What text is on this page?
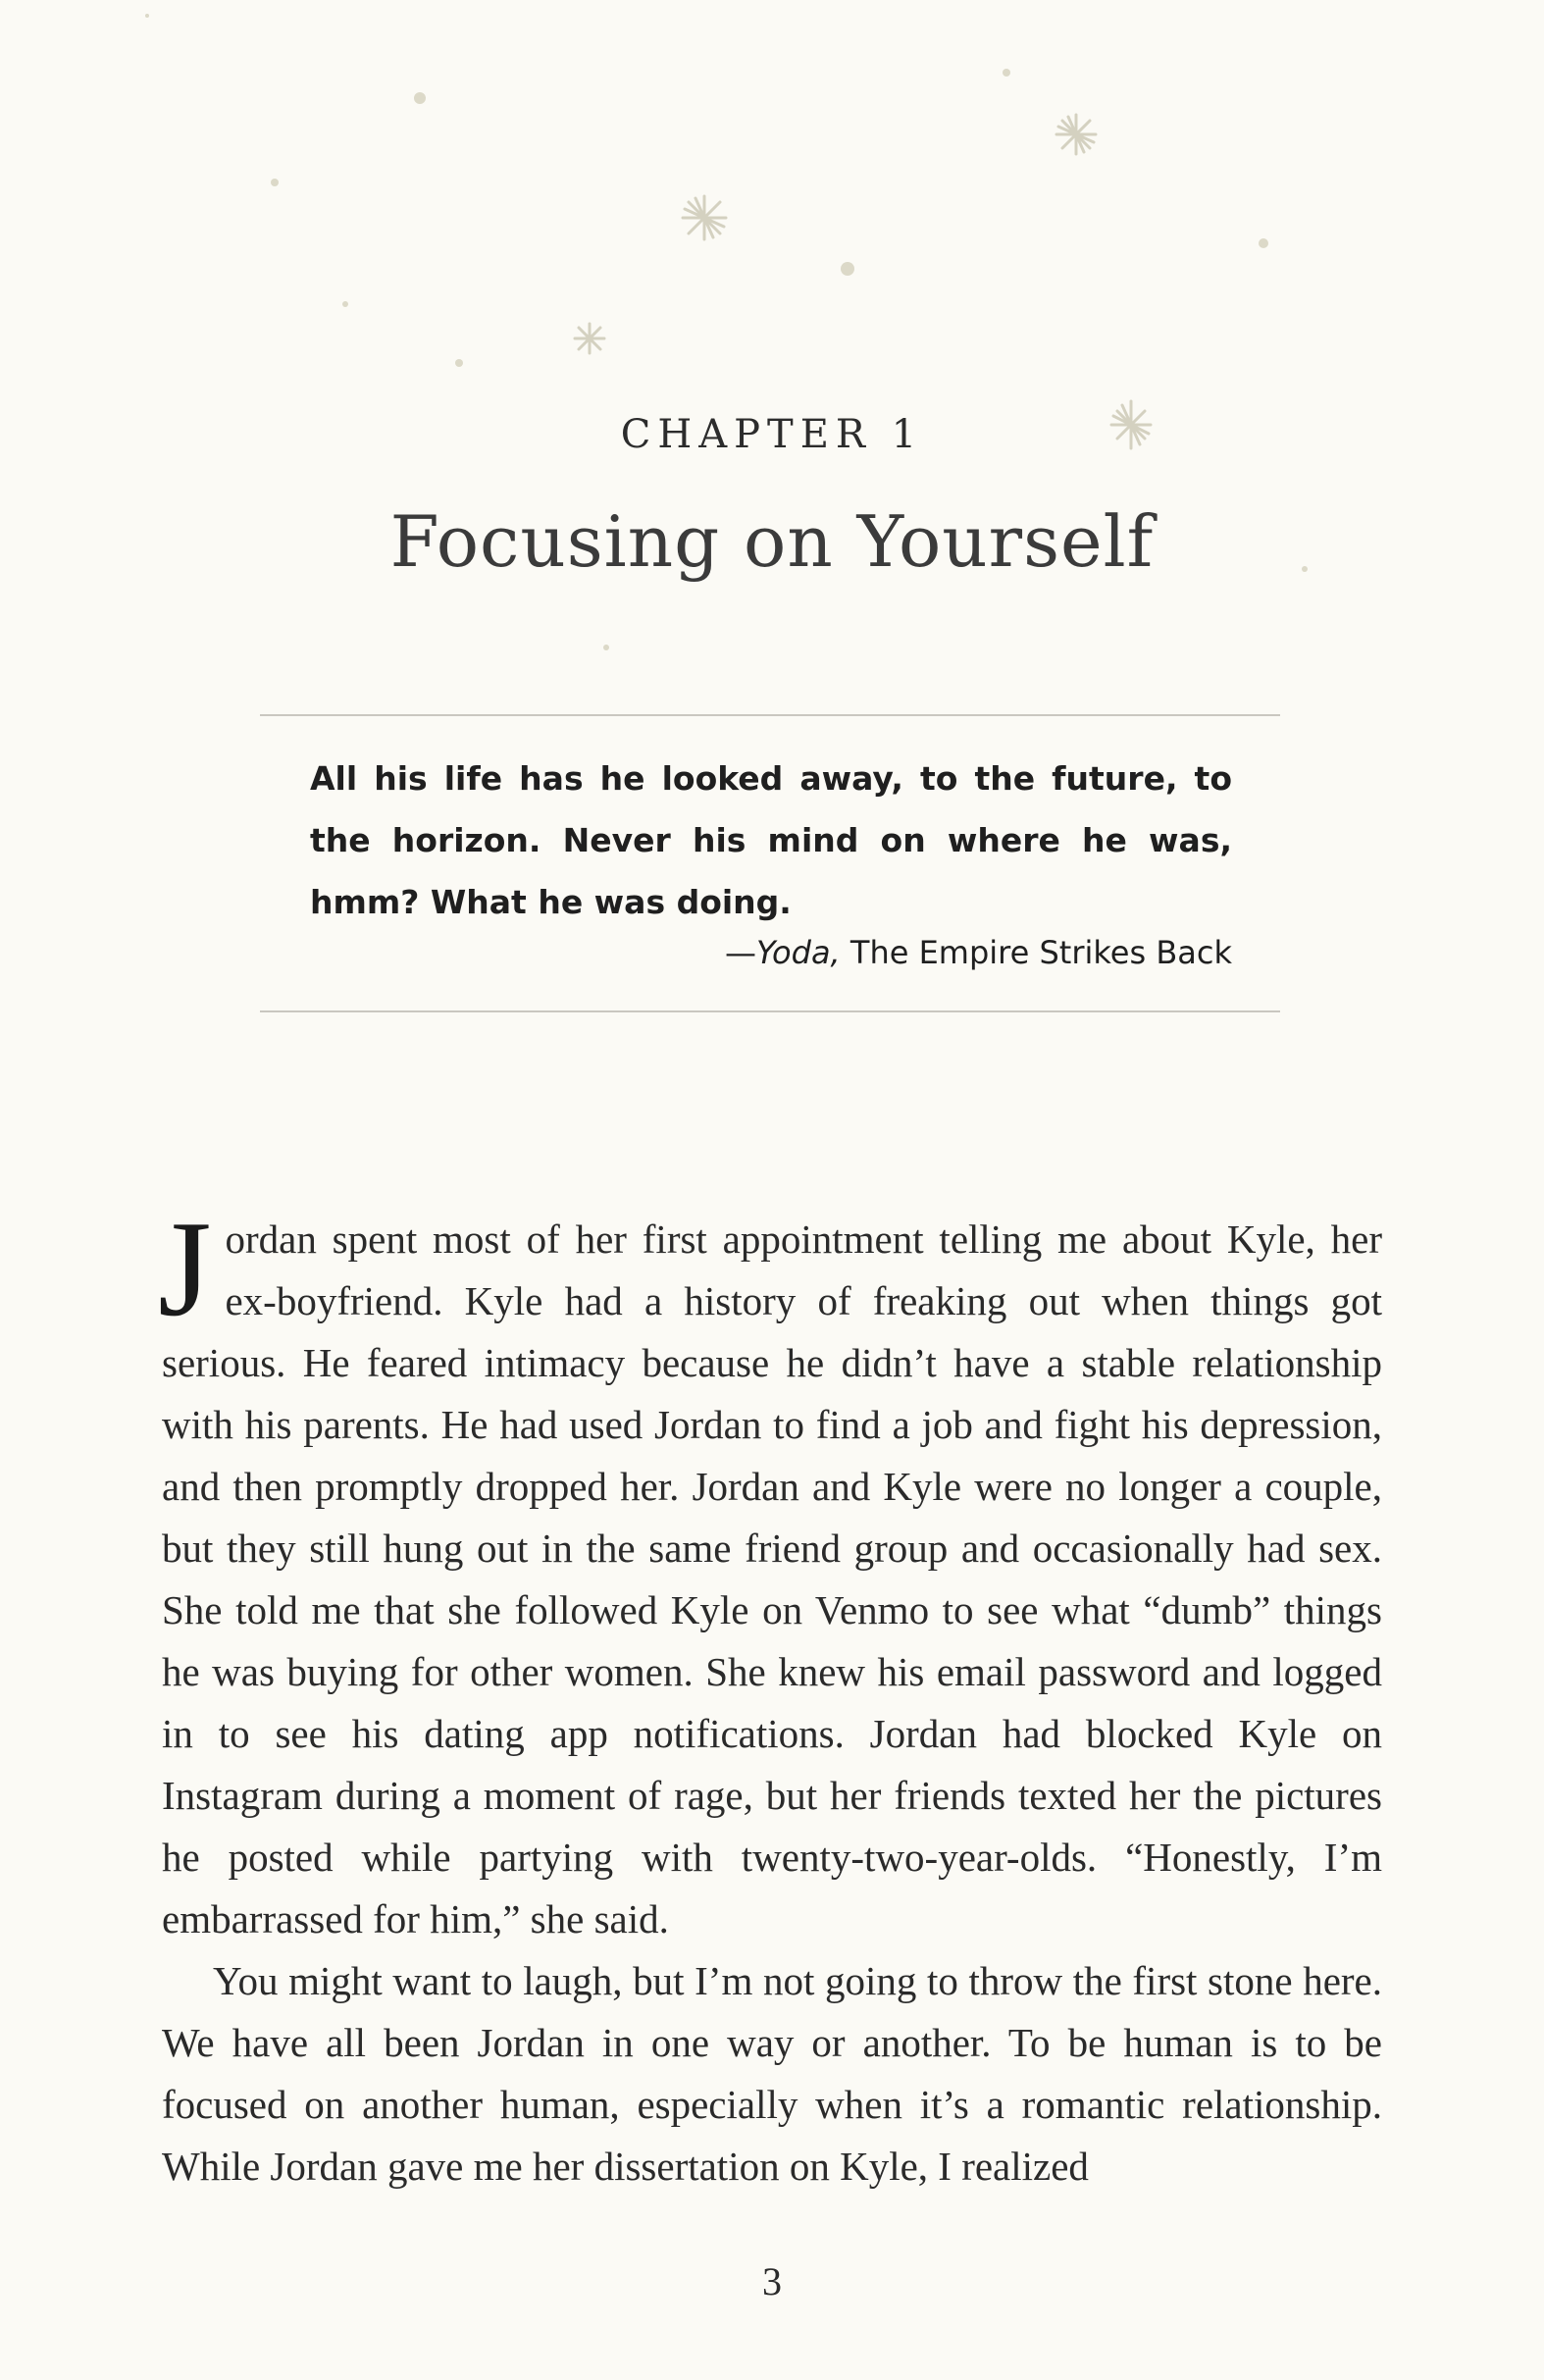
CHAPTER 1
Focusing on Yourself
All his life has he looked away, to the future, to the horizon. Never his mind on where he was, hmm? What he was doing.
—Yoda, The Empire Strikes Back

Jordan spent most of her first appointment telling me about Kyle, her ex-boyfriend. Kyle had a history of freaking out when things got serious. He feared intimacy because he didn’t have a stable relationship with his parents. He had used Jordan to find a job and fight his depression, and then promptly dropped her. Jordan and Kyle were no longer a couple, but they still hung out in the same friend group and occasionally had sex. She told me that she followed Kyle on Venmo to see what “dumb” things he was buying for other women. She knew his email password and logged in to see his dating app notifications. Jordan had blocked Kyle on Instagram during a moment of rage, but her friends texted her the pictures he posted while partying with twenty-two-year-olds. “Honestly, I’m embarrassed for him,” she said.

You might want to laugh, but I’m not going to throw the first stone here. We have all been Jordan in one way or another. To be human is to be focused on another human, especially when it’s a romantic relationship. While Jordan gave me her dissertation on Kyle, I realized

3
